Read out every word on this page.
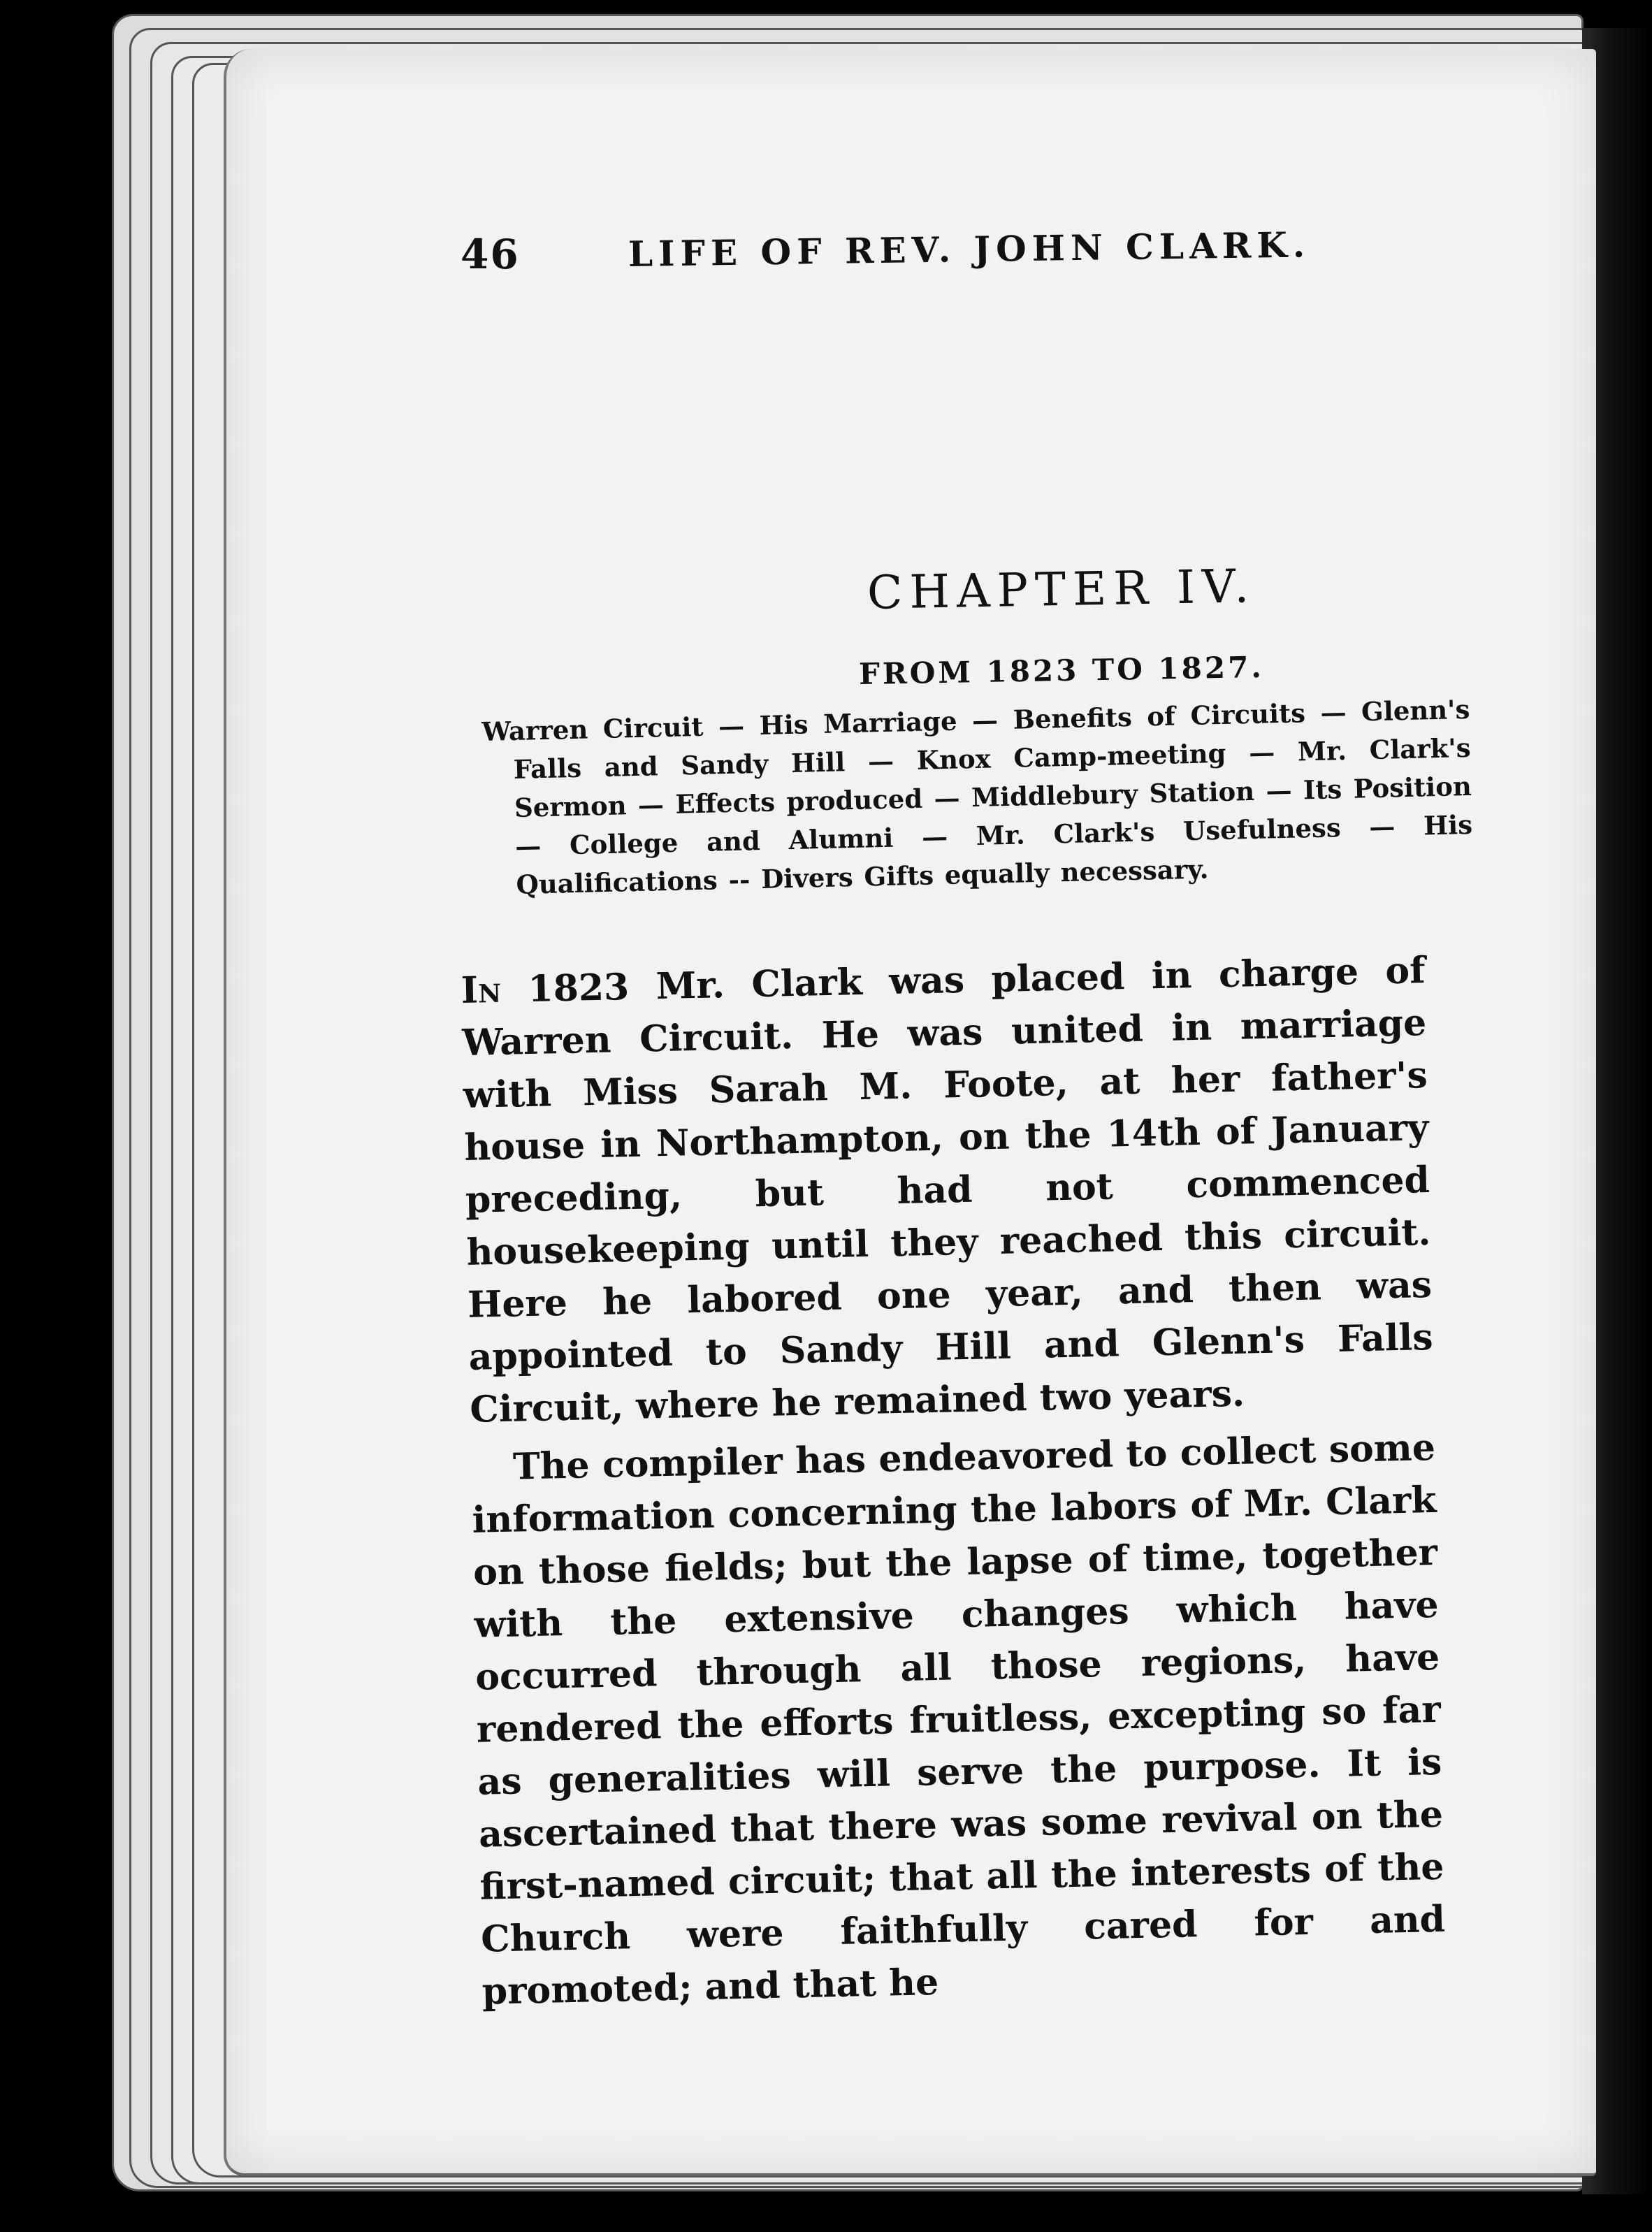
46	LIFE OF REV. JOHN CLARK.
CHAPTER IV.
FROM 1823 TO 1827.
Warren Circuit — His Marriage — Benefits of Circuits — Glenn's Falls and Sandy Hill — Knox Camp-meeting — Mr. Clark's Sermon — Effects produced — Middlebury Station — Its Position — College and Alumni — Mr. Clark's Usefulness — His Qualifications -- Divers Gifts equally necessary.

In 1823 Mr. Clark was placed in charge of Warren Circuit. He was united in marriage with Miss Sarah M. Foote, at her father's house in Northampton, on the 14th of January preceding, but had not commenced housekeeping until they reached this circuit. Here he labored one year, and then was appointed to Sandy Hill and Glenn's Falls Circuit, where he remained two years.

The compiler has endeavored to collect some information concerning the labors of Mr. Clark on those fields; but the lapse of time, together with the extensive changes which have occurred through all those regions, have rendered the efforts fruitless, excepting so far as generalities will serve the purpose. It is ascertained that there was some revival on the first-named circuit; that all the interests of the Church were faithfully cared for and promoted; and that he
